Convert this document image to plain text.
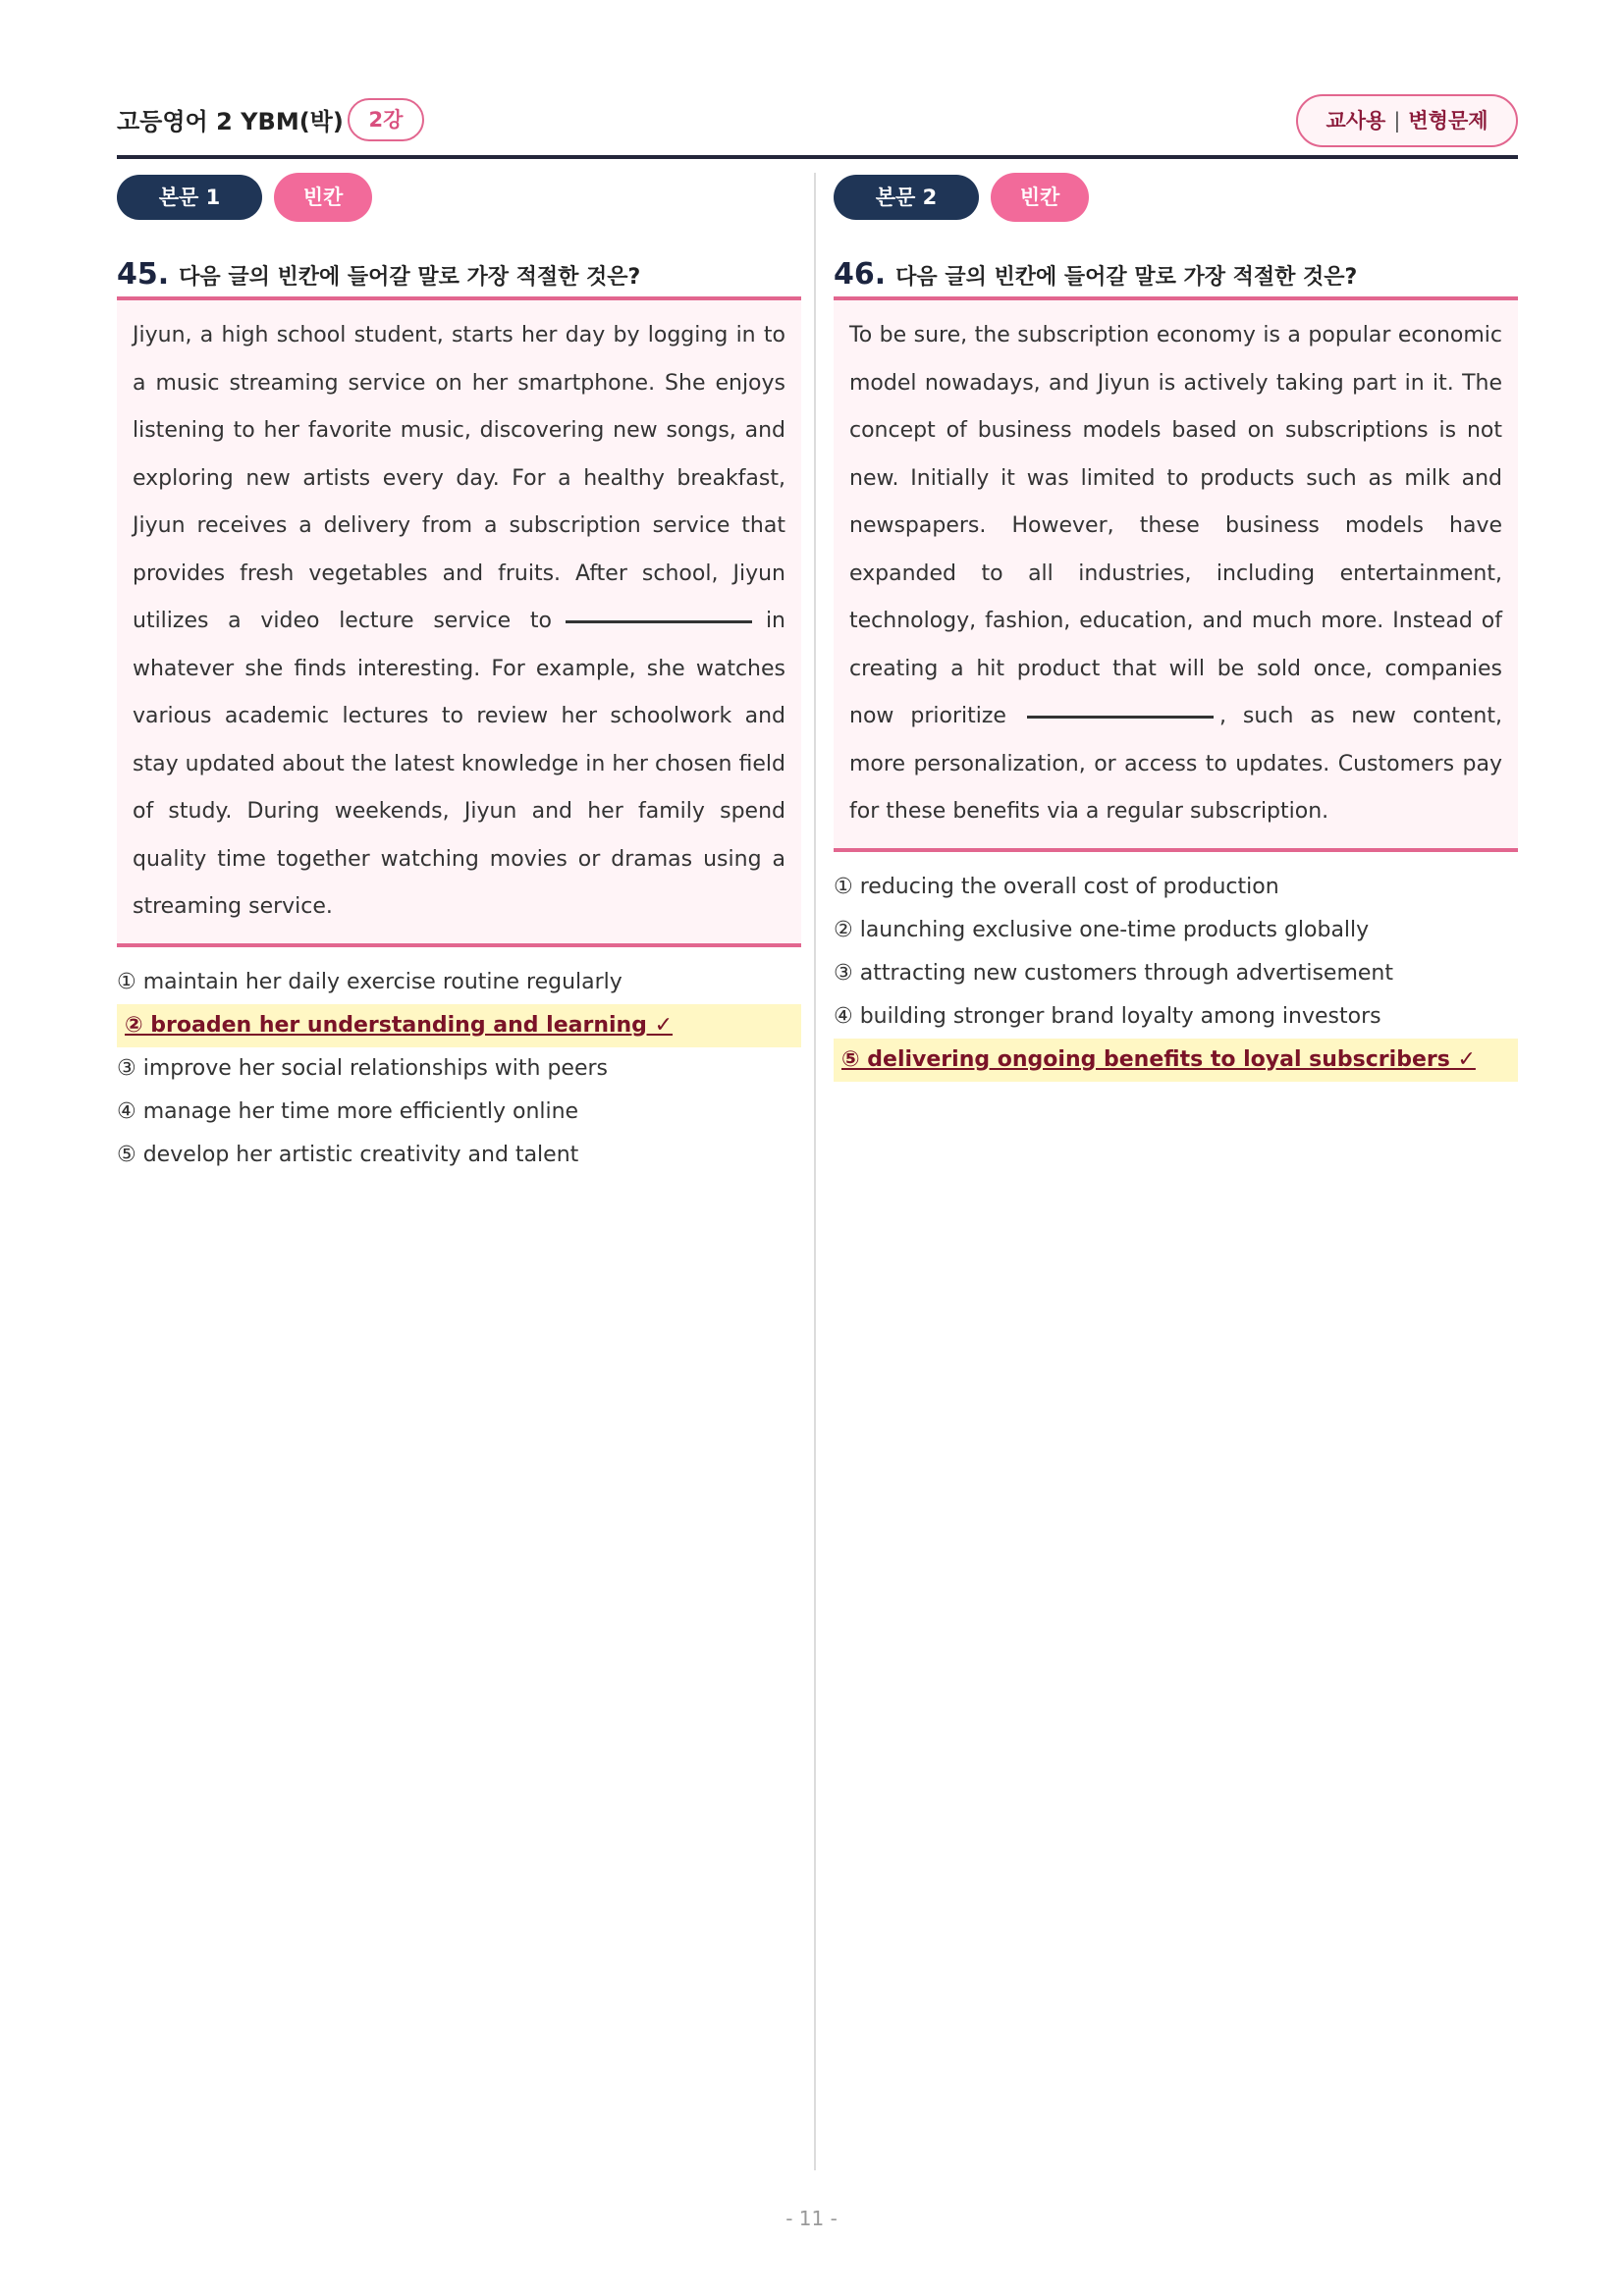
고등영어 2 YBM(박)	2강	교사용 | 변형문제
본문 1	빈칸
45. 다음 글의 빈칸에 들어갈 말로 가장 적절한 것은?
Jiyun, a high school student, starts her day by logging in to a music streaming service on her smartphone. She enjoys listening to her favorite music, discovering new songs, and exploring new artists every day. For a healthy breakfast, Jiyun receives a delivery from a subscription service that provides fresh vegetables and fruits. After school, Jiyun utilizes a video lecture service to	in whatever she finds interesting. For example, she watches various academic lectures to review her schoolwork and stay updated about the latest knowledge in her chosen field of study. During weekends, Jiyun and her family spend quality time together watching movies or dramas using a streaming service.
① maintain her daily exercise routine regularly
② broaden her understanding and learning ✓
③ improve her social relationships with peers
④ manage her time more efficiently online
⑤ develop her artistic creativity and talent
본문 2	빈칸
46. 다음 글의 빈칸에 들어갈 말로 가장 적절한 것은?
To be sure, the subscription economy is a popular economic model nowadays, and Jiyun is actively taking part in it. The concept of business models based on subscriptions is not new. Initially it was limited to products such as milk and newspapers. However, these business models have expanded to all industries, including entertainment, technology, fashion, education, and much more. Instead of creating a hit product that will be sold once, companies now prioritize	, such as new content, more personalization, or access to updates. Customers pay for these benefits via a regular subscription.
① reducing the overall cost of production
② launching exclusive one-time products globally
③ attracting new customers through advertisement
④ building stronger brand loyalty among investors
⑤ delivering ongoing benefits to loyal subscribers ✓
- 11 -
